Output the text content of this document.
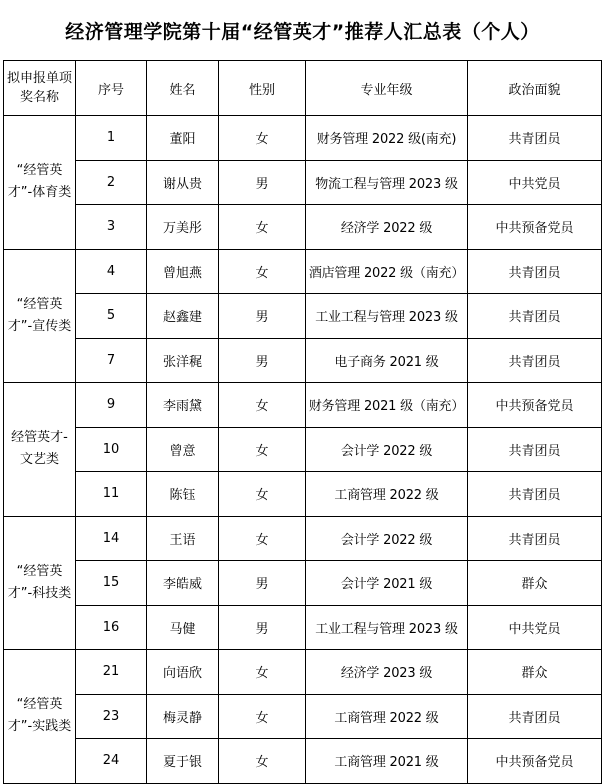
经济管理学院第十届“经管英才”推荐人汇总表（个人）
拟申报单项奖名称	序号	姓名	性别	专业年级	政治面貌
“经管英才”-体育类	1	董阳	女	财务管理 2022 级(南充)	共青团员
	2	谢从贵	男	物流工程与管理 2023 级	中共党员
	3	万美彤	女	经济学 2022 级	中共预备党员
“经管英才”-宣传类	4	曾旭燕	女	酒店管理 2022 级（南充）	共青团员
	5	赵鑫建	男	工业工程与管理 2023 级	共青团员
	7	张洋䅏	男	电子商务 2021 级	共青团员
经管英才-文艺类	9	李雨黛	女	财务管理 2021 级（南充）	中共预备党员
	10	曾意	女	会计学 2022 级	共青团员
	11	陈钰	女	工商管理 2022 级	共青团员
“经管英才”-科技类	14	王语	女	会计学 2022 级	共青团员
	15	李皓威	男	会计学 2021 级	群众
	16	马健	男	工业工程与管理 2023 级	中共党员
“经管英才”-实践类	21	向语欣	女	经济学 2023 级	群众
	23	梅灵静	女	工商管理 2022 级	共青团员
	24	夏于银	女	工商管理 2021 级	中共预备党员
